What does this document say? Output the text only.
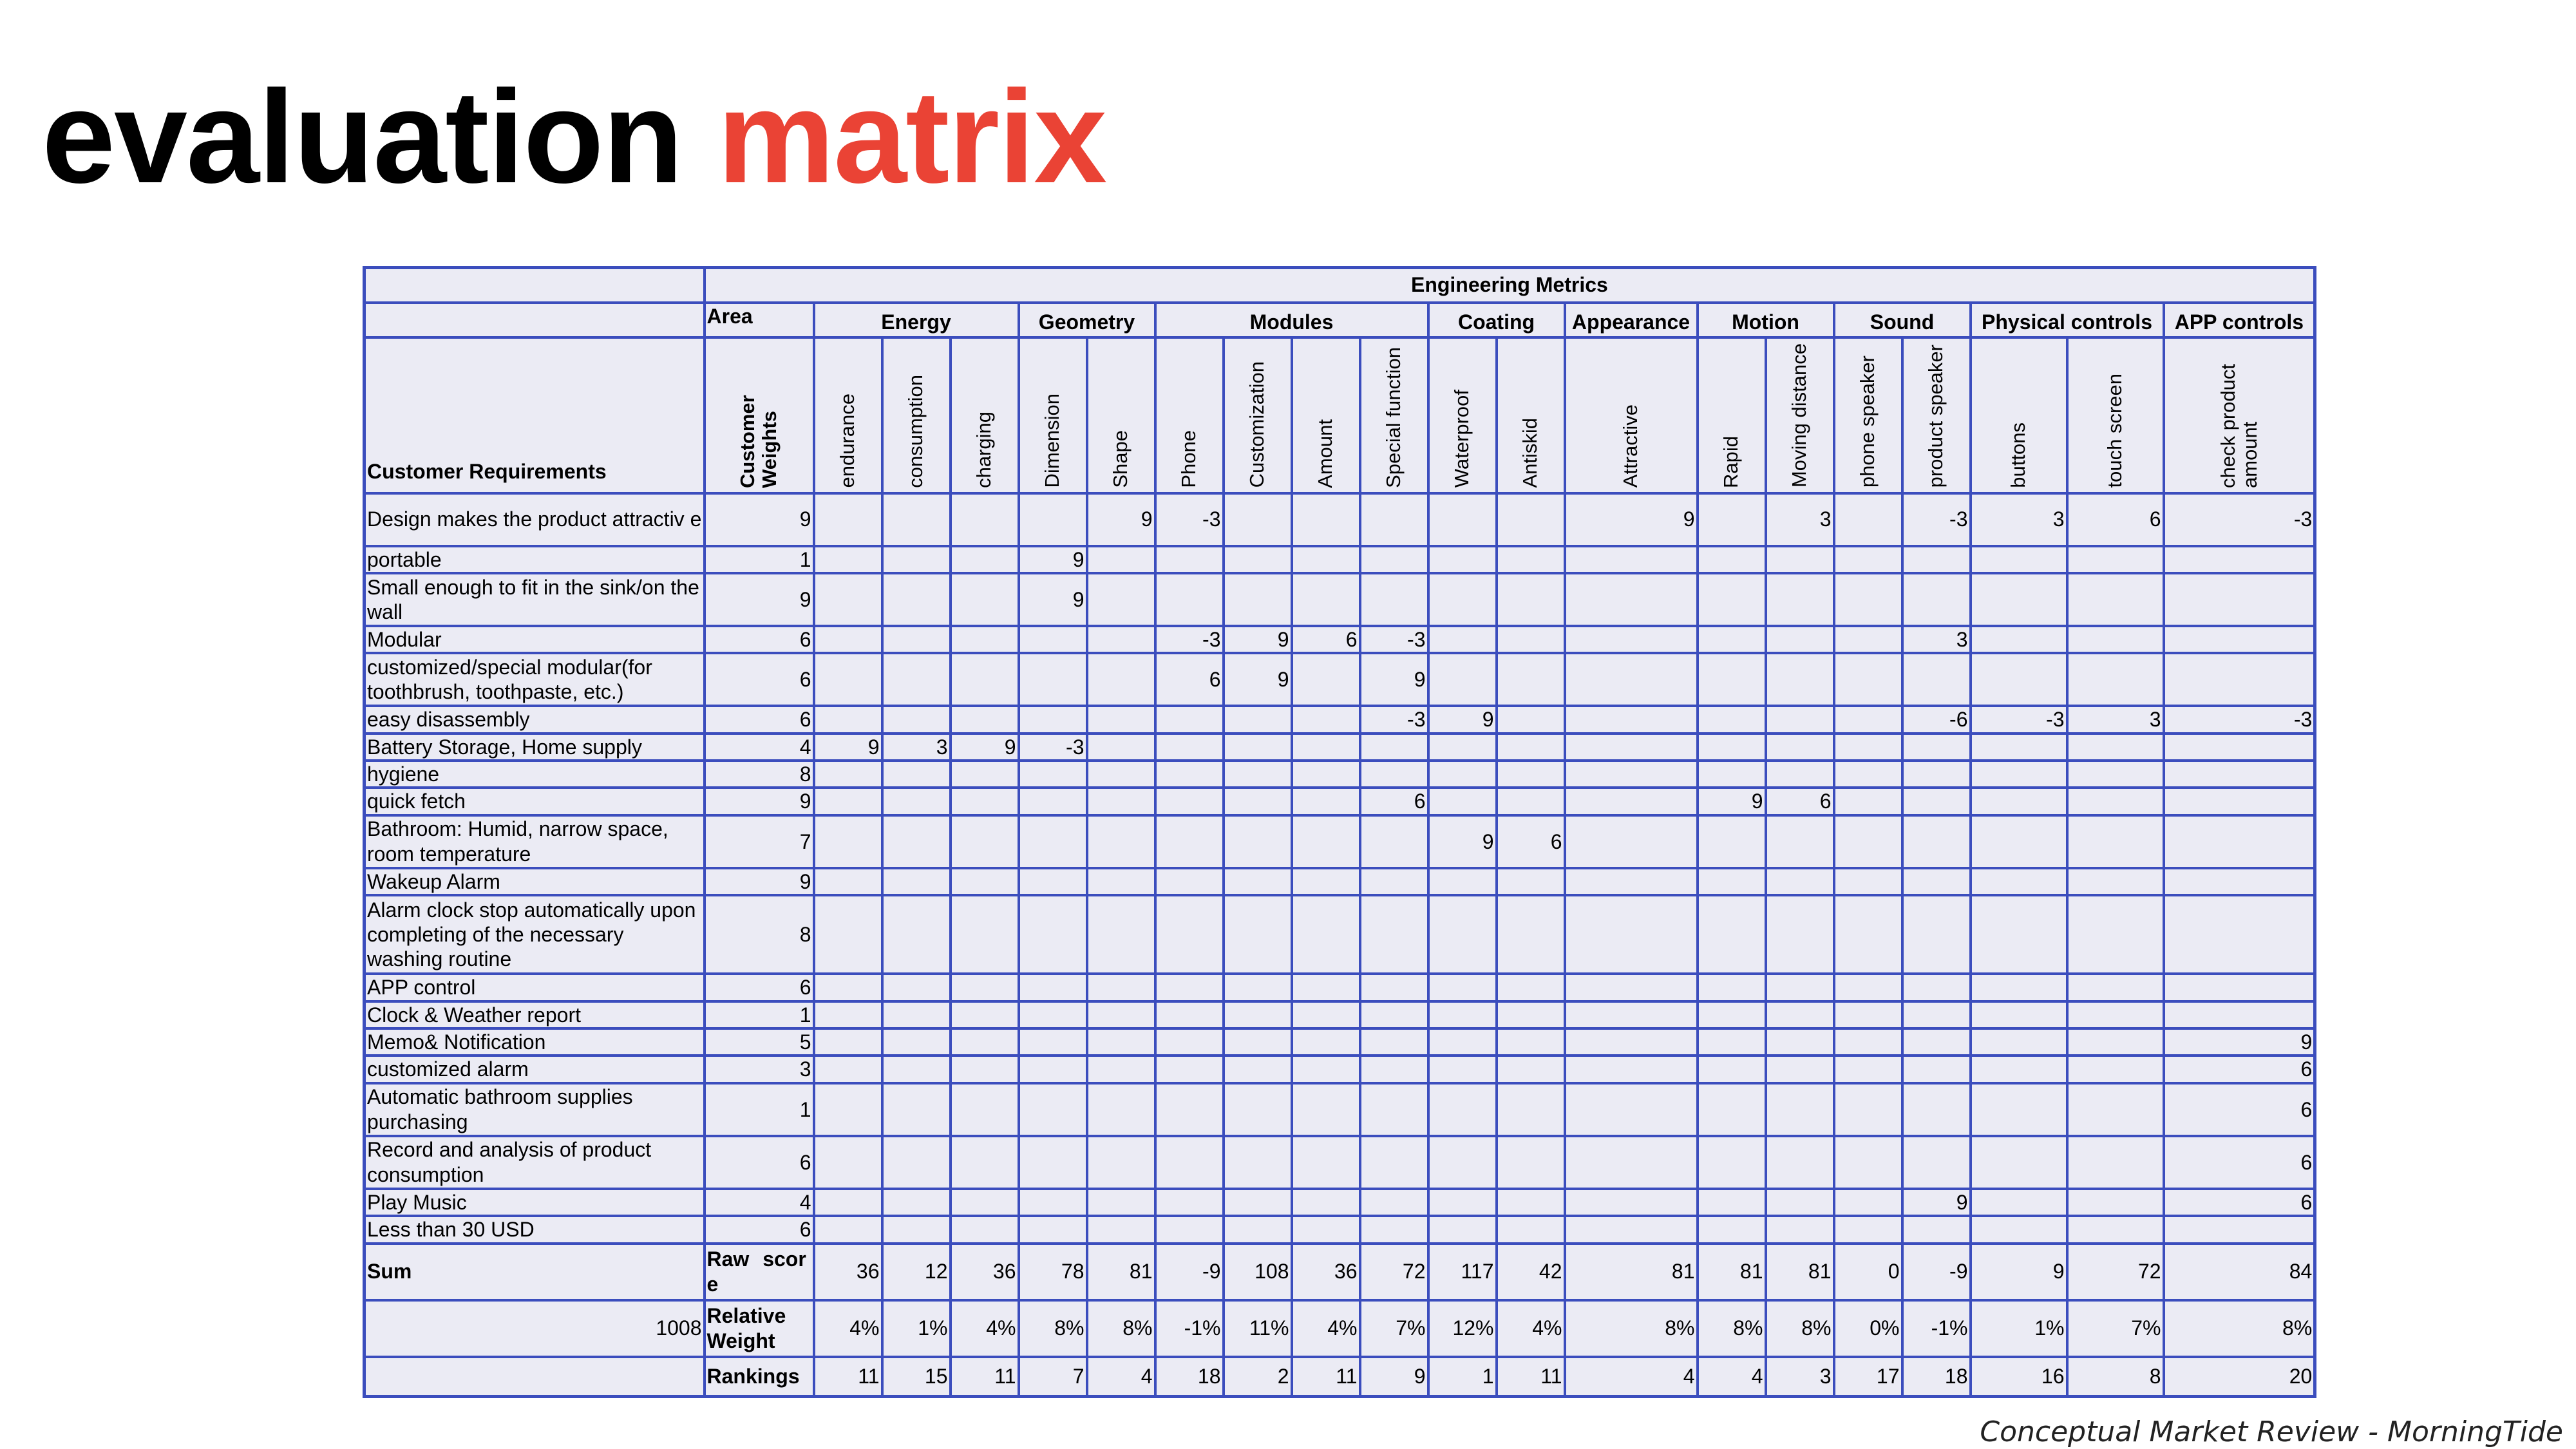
evaluation matrix
	Engineering Metrics																			
	Area	Energy			Geometry		Modules				Coating		Appearance	Motion		Sound		Physical controls		APP controls
Customer Requirements	Customer Weights	endurance	consumption	charging	Dimension	Shape	Phone	Customization	Amount	Special function	Waterproof	Antiskid	Attractive	Rapid	Moving distance	phone speaker	product speaker	buttons	touch screen	check product amount

Design makes the product attractiv e	9					9	-3						9		3		-3	3	6	-3
portable	1				9															
Small enough to fit in the sink/on the wall	9				9															
Modular	6						-3	9	6	-3							3			
customized/special modular(for toothbrush, toothpaste, etc.)	6						6	9		9										
easy disassembly	6									-3	9						-6	-3	3	-3
Battery Storage, Home supply	4	9	3	9	-3															
hygiene	8																			
quick fetch	9									6				9	6					
Bathroom: Humid, narrow space, room temperature	7										9	6								
Wakeup Alarm	9																			
Alarm clock stop automatically upon completing of the necessary washing routine	8																			
APP control	6																			
Clock & Weather report	1																			
Memo& Notification	5																			9
customized alarm	3																			6
Automatic bathroom supplies purchasing	1																			6
Record and analysis of product consumption	6																			6
Play Music	4																9			6
Less than 30 USD	6																			
Sum	Raw scor e	36	12	36	78	81	-9	108	36	72	117	42	81	81	81	0	-9	9	72	84
1008	Relative Weight	4%	1%	4%	8%	8%	-1%	11%	4%	7%	12%	4%	8%	8%	8%	0%	-1%	1%	7%	8%
	Rankings	11	15	11	7	4	18	2	11	9	1	11	4	4	3	17	18	16	8	20
Conceptual Market Review - MorningTide
